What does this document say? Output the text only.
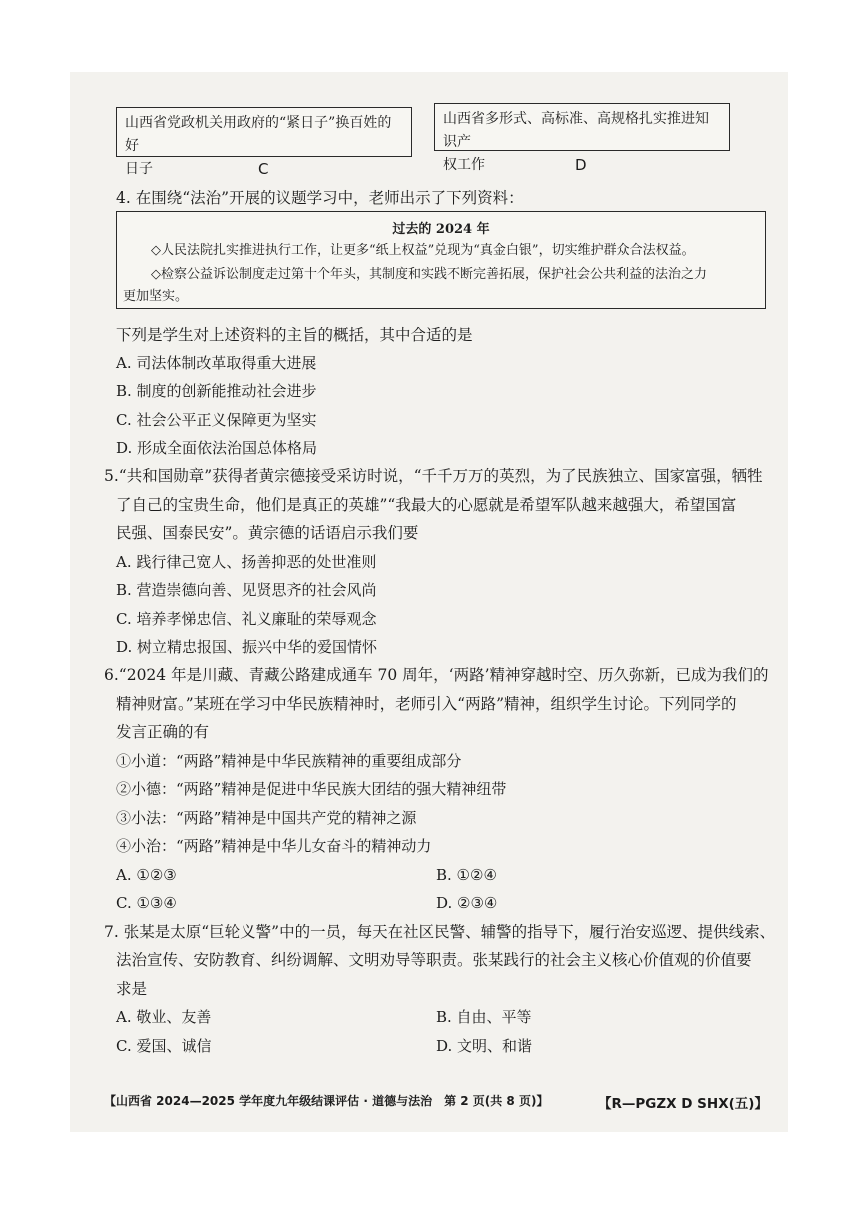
山西省党政机关用政府的“紧日子”换百姓的好
日子	C
山西省多形式、高标准、高规格扎实推进知识产
权工作	D
4. 在围绕“法治”开展的议题学习中，老师出示了下列资料：
过去的 2024 年
◇人民法院扎实推进执行工作，让更多“纸上权益”兑现为“真金白银”，切实维护群众合法权益。
◇检察公益诉讼制度走过第十个年头，其制度和实践不断完善拓展，保护社会公共利益的法治之力
更加坚实。
下列是学生对上述资料的主旨的概括，其中合适的是
A. 司法体制改革取得重大进展
B. 制度的创新能推动社会进步
C. 社会公平正义保障更为坚实
D. 形成全面依法治国总体格局
5.“共和国勋章”获得者黄宗德接受采访时说，“千千万万的英烈，为了民族独立、国家富强，牺牲
了自己的宝贵生命，他们是真正的英雄”“我最大的心愿就是希望军队越来越强大，希望国富
民强、国泰民安”。黄宗德的话语启示我们要
A. 践行律己宽人、扬善抑恶的处世准则
B. 营造崇德向善、见贤思齐的社会风尚
C. 培养孝悌忠信、礼义廉耻的荣辱观念
D. 树立精忠报国、振兴中华的爱国情怀
6.“2024 年是川藏、青藏公路建成通车 70 周年，‘两路’精神穿越时空、历久弥新，已成为我们的
精神财富。”某班在学习中华民族精神时，老师引入“两路”精神，组织学生讨论。下列同学的
发言正确的有
①小道：“两路”精神是中华民族精神的重要组成部分
②小德：“两路”精神是促进中华民族大团结的强大精神纽带
③小法：“两路”精神是中国共产党的精神之源
④小治：“两路”精神是中华儿女奋斗的精神动力
A. ①②③	B. ①②④
C. ①③④	D. ②③④
7. 张某是太原“巨轮义警”中的一员，每天在社区民警、辅警的指导下，履行治安巡逻、提供线索、
法治宣传、安防教育、纠纷调解、文明劝导等职责。张某践行的社会主义核心价值观的价值要
求是
A. 敬业、友善	B. 自由、平等
C. 爱国、诚信	D. 文明、和谐
【山西省 2024—2025 学年度九年级结课评估 · 道德与法治　第 2 页(共 8 页)】	【R—PGZX D SHX(五)】
